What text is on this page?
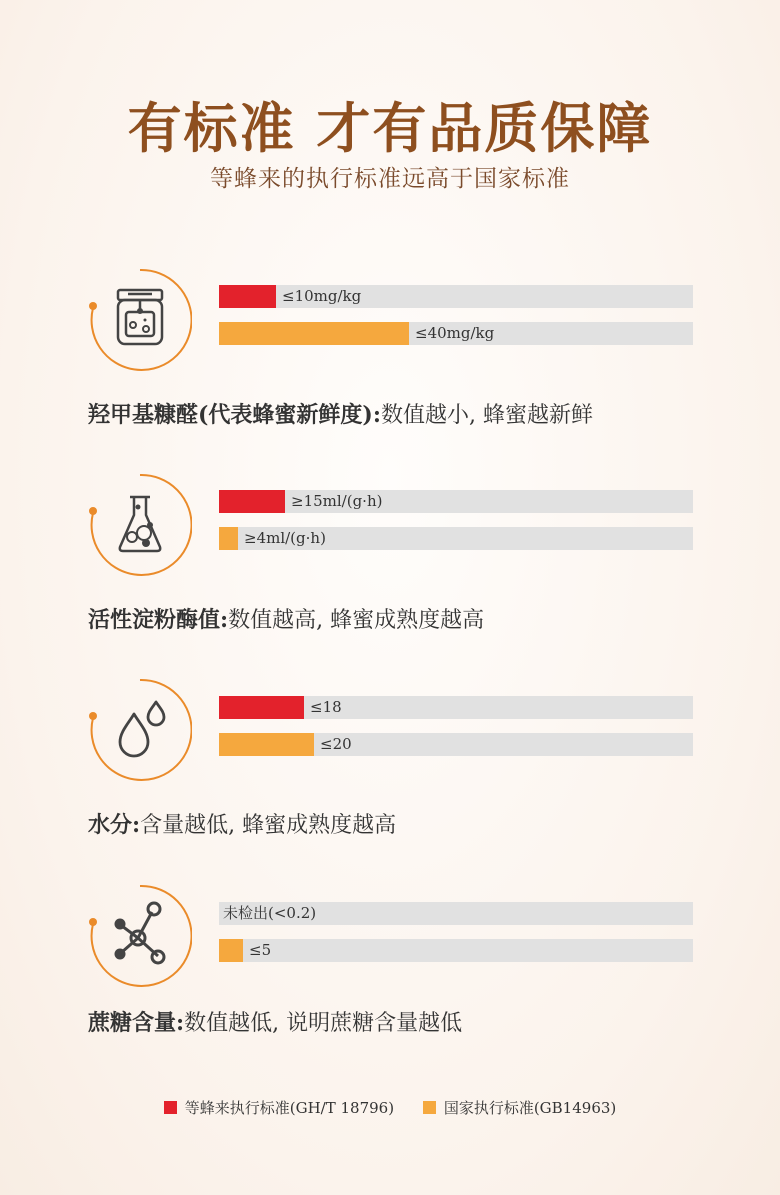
有标准 才有品质保障
等蜂来的执行标准远高于国家标准
≤10mg/kg
≤40mg/kg
羟甲基糠醛(代表蜂蜜新鲜度):数值越小, 蜂蜜越新鲜
≥15ml/(g·h)
≥4ml/(g·h)
活性淀粉酶值:数值越高, 蜂蜜成熟度越高
≤18
≤20
水分:含量越低, 蜂蜜成熟度越高
未检出(<0.2)
≤5
蔗糖含量:数值越低, 说明蔗糖含量越低
等蜂来执行标准(GH/T 18796)
	国家执行标准(GB14963)
